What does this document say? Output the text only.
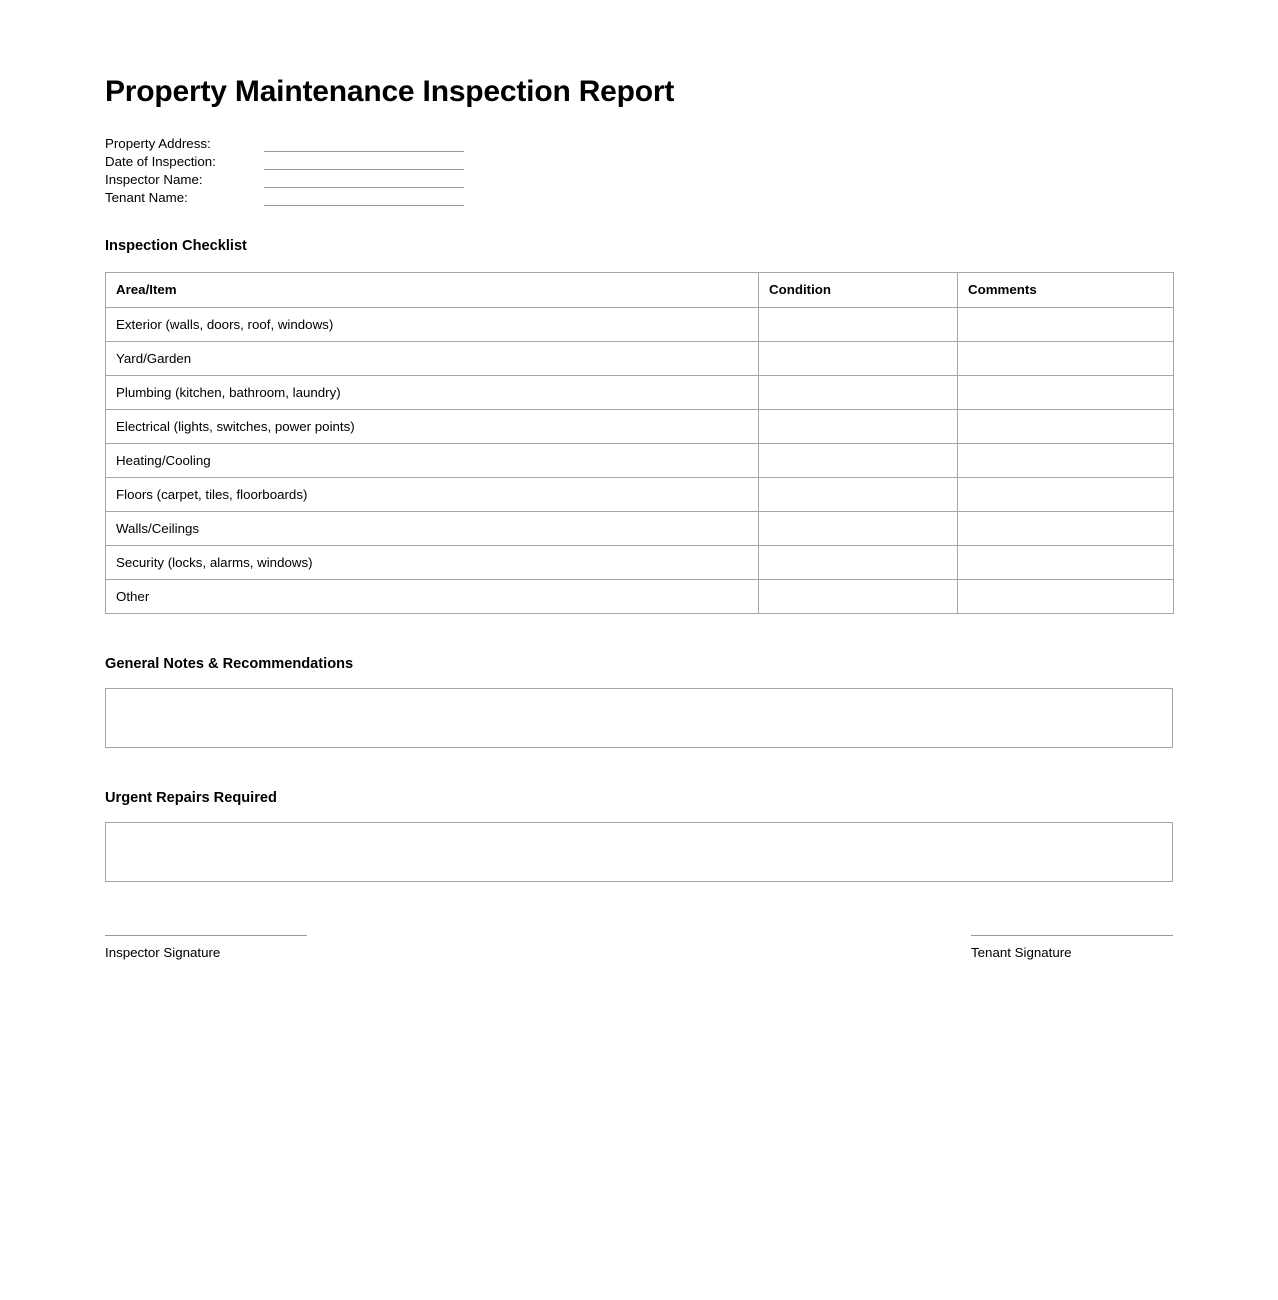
Property Maintenance Inspection Report
Property Address:
Date of Inspection:
Inspector Name:
Tenant Name:
Inspection Checklist
Area/Item	Condition	Comments
Exterior (walls, doors, roof, windows)		
Yard/Garden		
Plumbing (kitchen, bathroom, laundry)		
Electrical (lights, switches, power points)		
Heating/Cooling		
Floors (carpet, tiles, floorboards)		
Walls/Ceilings		
Security (locks, alarms, windows)		
Other		
General Notes & Recommendations
Urgent Repairs Required
Inspector Signature	Tenant Signature
